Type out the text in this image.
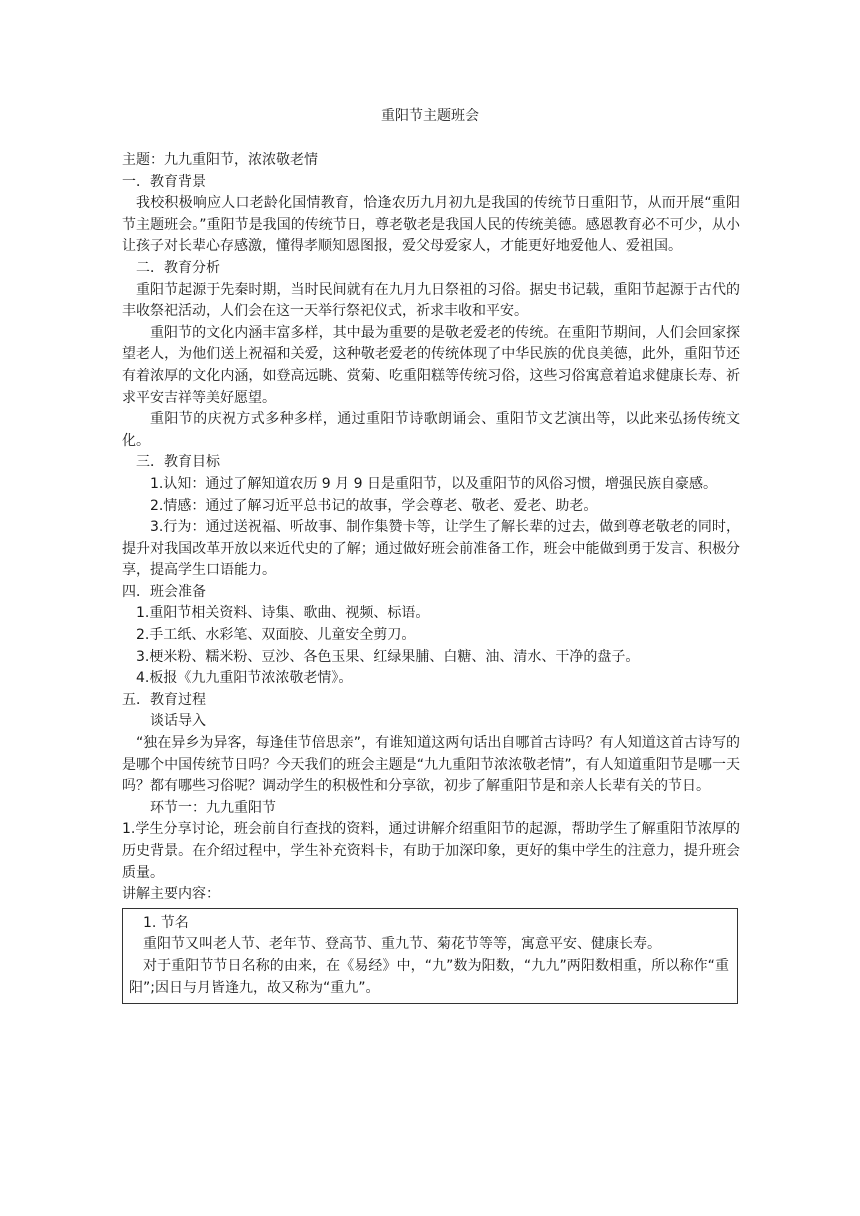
重阳节主题班会

主题：九九重阳节，浓浓敬老情

一．教育背景

我校积极响应人口老龄化国情教育，恰逢农历九月初九是我国的传统节日重阳节，从而开展“重阳节主题班会。”重阳节是我国的传统节日，尊老敬老是我国人民的传统美德。感恩教育必不可少，从小让孩子对长辈心存感激，懂得孝顺知恩图报，爱父母爱家人，才能更好地爱他人、爱祖国。

二．教育分析

重阳节起源于先秦时期，当时民间就有在九月九日祭祖的习俗。据史书记载，重阳节起源于古代的丰收祭祀活动，人们会在这一天举行祭祀仪式，祈求丰收和平安。

重阳节的文化内涵丰富多样，其中最为重要的是敬老爱老的传统。在重阳节期间，人们会回家探望老人，为他们送上祝福和关爱，这种敬老爱老的传统体现了中华民族的优良美德，此外，重阳节还有着浓厚的文化内涵，如登高远眺、赏菊、吃重阳糕等传统习俗，这些习俗寓意着追求健康长寿、祈求平安吉祥等美好愿望。

重阳节的庆祝方式多种多样，通过重阳节诗歌朗诵会、重阳节文艺演出等，以此来弘扬传统文化。

三．教育目标

1.认知：通过了解知道农历 9 月 9 日是重阳节，以及重阳节的风俗习惯，增强民族自豪感。

2.情感：通过了解习近平总书记的故事，学会尊老、敬老、爱老、助老。

3.行为：通过送祝福、听故事、制作集赞卡等，让学生了解长辈的过去，做到尊老敬老的同时，提升对我国改革开放以来近代史的了解；通过做好班会前准备工作，班会中能做到勇于发言、积极分享，提高学生口语能力。

四．班会准备

1.重阳节相关资料、诗集、歌曲、视频、标语。

2.手工纸、水彩笔、双面胶、儿童安全剪刀。

3.梗米粉、糯米粉、豆沙、各色玉果、红绿果脯、白糖、油、清水、干净的盘子。

4.板报《九九重阳节浓浓敬老情》。

五．教育过程

谈话导入

“独在异乡为异客，每逢佳节倍思亲”，有谁知道这两句话出自哪首古诗吗？有人知道这首古诗写的是哪个中国传统节日吗？今天我们的班会主题是“九九重阳节浓浓敬老情”，有人知道重阳节是哪一天吗？都有哪些习俗呢？调动学生的积极性和分享欲，初步了解重阳节是和亲人长辈有关的节日。

环节一：九九重阳节

1.学生分享讨论，班会前自行查找的资料，通过讲解介绍重阳节的起源，帮助学生了解重阳节浓厚的历史背景。在介绍过程中，学生补充资料卡，有助于加深印象，更好的集中学生的注意力，提升班会质量。

讲解主要内容：

1. 节名

重阳节又叫老人节、老年节、登高节、重九节、菊花节等等，寓意平安、健康长寿。

对于重阳节节日名称的由来，在《易经》中，“九”数为阳数，“九九”两阳数相重，所以称作“重阳”;因日与月皆逢九，故又称为“重九”。
